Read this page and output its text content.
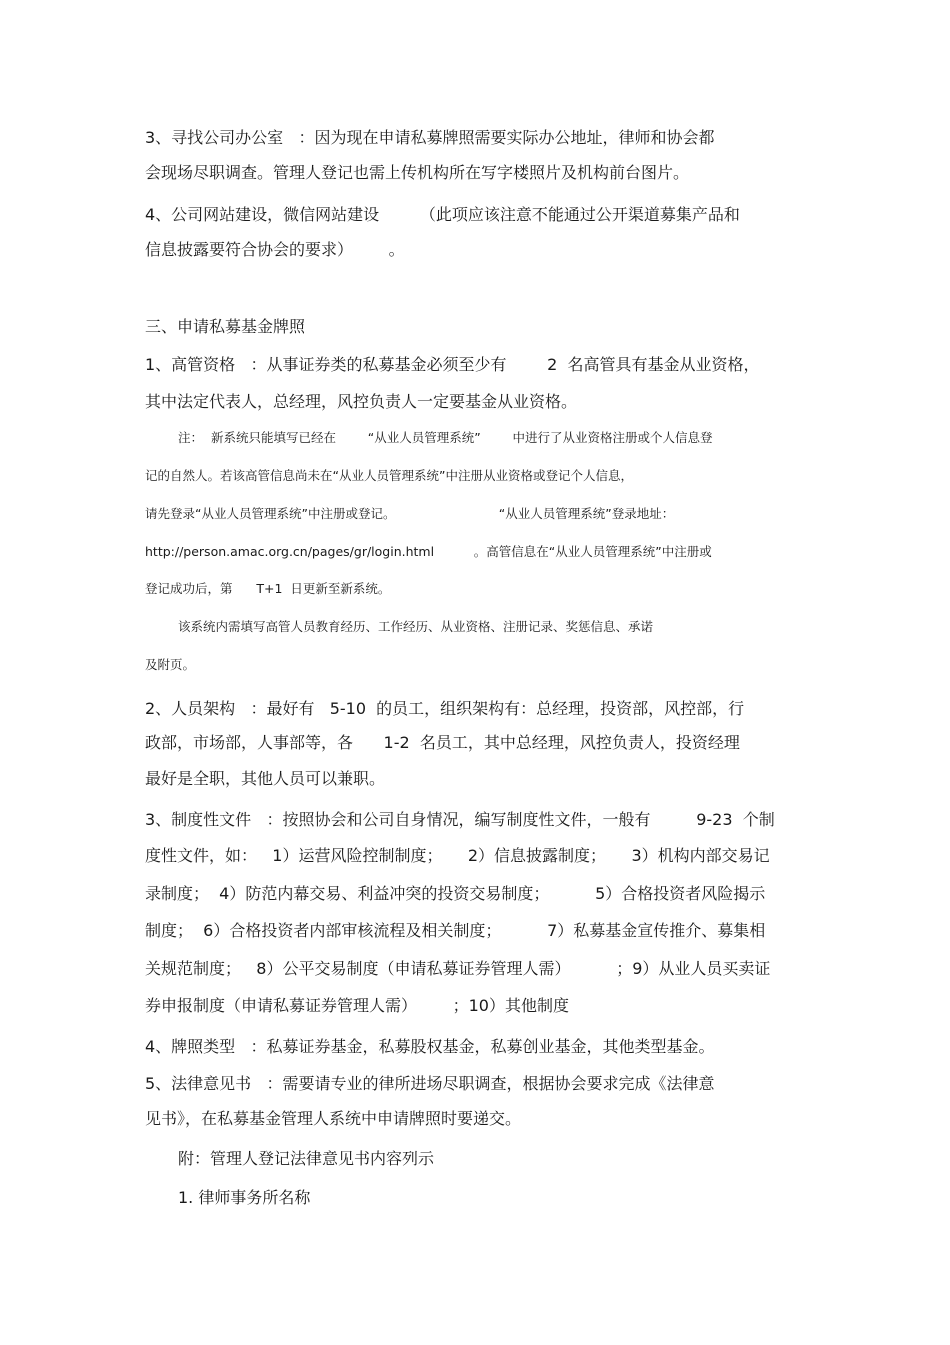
3、寻找公司办公室   ：因为现在申请私募牌照需要实际办公地址，律师和协会都
会现场尽职调查。管理人登记也需上传机构所在写字楼照片及机构前台图片。
4、公司网站建设，微信网站建设        （此项应该注意不能通过公开渠道募集产品和
信息披露要符合协会的要求）       。
三、申请私募基金牌照
1、高管资格   ：从事证券类的私募基金必须至少有        2  名高管具有基金从业资格，
其中法定代表人，总经理，风控负责人一定要基金从业资格。
注：  新系统只能填写已经在        “从业人员管理系统”        中进行了从业资格注册或个人信息登
记的自然人。若该高管信息尚未在“从业人员管理系统”中注册从业资格或登记个人信息，
请先登录“从业人员管理系统”中注册或登记。                          “从业人员管理系统”登录地址：
http://person.amac.org.cn/pages/gr/login.html          。高管信息在“从业人员管理系统”中注册或
登记成功后，第      T+1  日更新至新系统。
该系统内需填写高管人员教育经历、工作经历、从业资格、注册记录、奖惩信息、承诺
及附页。
2、人员架构   ：最好有   5-10  的员工，组织架构有：总经理，投资部，风控部，行
政部，市场部，人事部等，各      1-2  名员工，其中总经理，风控负责人，投资经理
最好是全职，其他人员可以兼职。
3、制度性文件   ：按照协会和公司自身情况，编写制度性文件，一般有         9-23  个制
度性文件，如：   1）运营风险控制制度；     2）信息披露制度；     3）机构内部交易记
录制度；  4）防范内幕交易、利益冲突的投资交易制度；         5）合格投资者风险揭示
制度；  6）合格投资者内部审核流程及相关制度；         7）私募基金宣传推介、募集相
关规范制度；   8）公平交易制度（申请私募证券管理人需）         ；9）从业人员买卖证
券申报制度（申请私募证券管理人需）       ；10）其他制度
4、牌照类型   ：私募证券基金，私募股权基金，私募创业基金，其他类型基金。
5、法律意见书   ：需要请专业的律所进场尽职调查，根据协会要求完成《法律意
见书》，在私募基金管理人系统中申请牌照时要递交。
附：管理人登记法律意见书内容列示
1. 律师事务所名称
